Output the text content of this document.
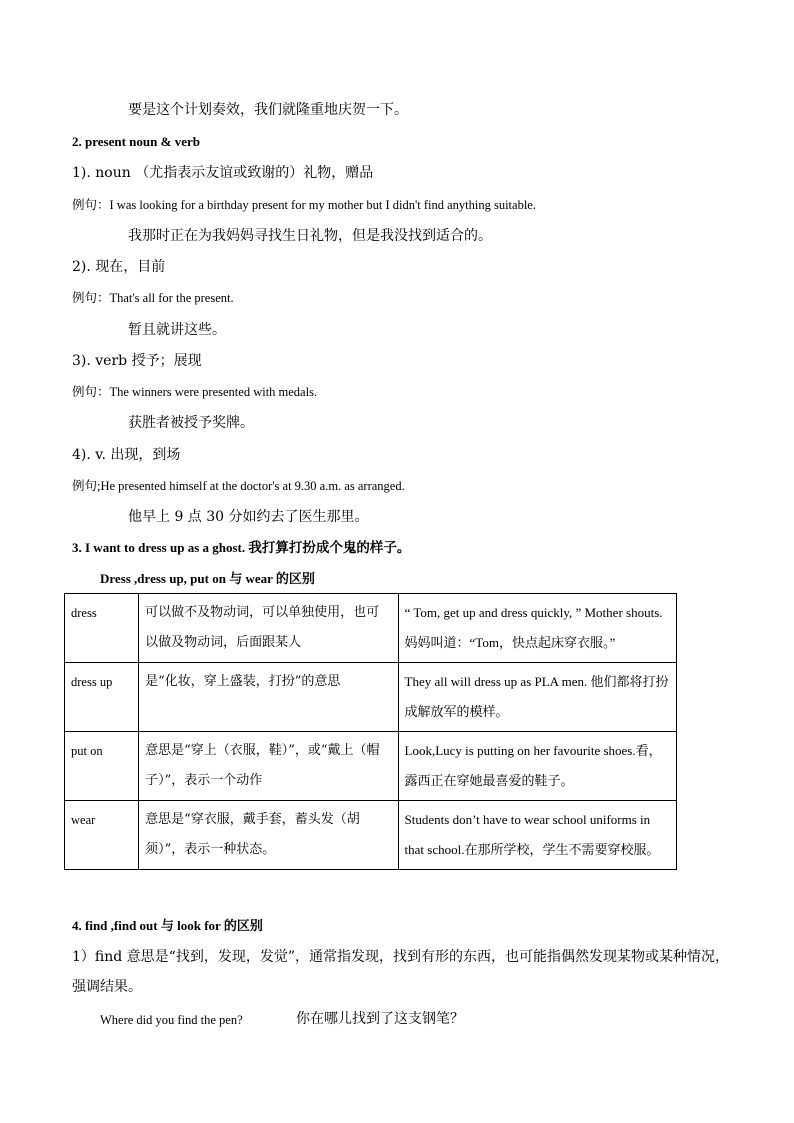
要是这个计划奏效，我们就隆重地庆贺一下。
2. present noun & verb
1). noun （尤指表示友谊或致谢的）礼物，赠品
例句：I was looking for a birthday present for my mother but I didn't find anything suitable.
我那时正在为我妈妈寻找生日礼物，但是我没找到适合的。
2). 现在，目前
例句：That's all for the present.
暂且就讲这些。
3). verb 授予；展现
例句：The winners were presented with medals.
获胜者被授予奖牌。
4). v. 出现，到场
例句;He presented himself at the doctor's at 9.30 a.m. as arranged.
他早上 9 点 30 分如约去了医生那里。
3. I want to dress up as a ghost. 我打算打扮成个鬼的样子。
Dress ,dress up, put on 与 wear 的区别
dress	可以做不及物动词，可以单独使用，也可以做及物动词，后面跟某人	“ Tom, get up and dress quickly, ” Mother shouts. 妈妈叫道：“Tom，快点起床穿衣服。”
dress up	是“化妆，穿上盛装，打扮”的意思	They all will dress up as PLA men. 他们都将打扮成解放军的模样。
put on	意思是“穿上（衣服，鞋）”，或“戴上（帽子）”，表示一个动作	Look,Lucy is putting on her favourite shoes.看，露西正在穿她最喜爱的鞋子。
wear	意思是“穿衣服，戴手套，蓄头发（胡须）”，表示一种状态。	Students don’t have to wear school uniforms in that school.在那所学校，学生不需要穿校服。
4. find ,find out 与 look for 的区别
1）find 意思是“找到，发现，发觉”，通常指发现，找到有形的东西，也可能指偶然发现某物或某种情况，强调结果。
Where did you find the pen?	你在哪儿找到了这支钢笔？
